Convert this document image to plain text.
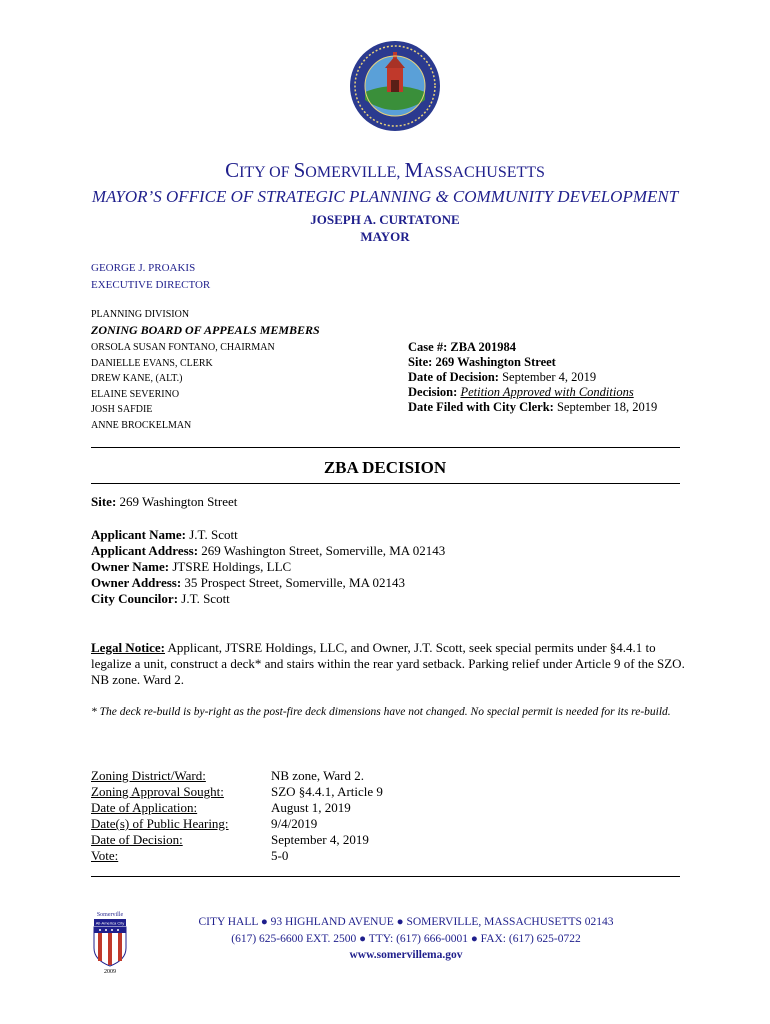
CITY OF SOMERVILLE, MASSACHUSETTS
MAYOR’S OFFICE OF STRATEGIC PLANNING & COMMUNITY DEVELOPMENT
JOSEPH A. CURTATONE
MAYOR
GEORGE J. PROAKIS
EXECUTIVE DIRECTOR
PLANNING DIVISION
ZONING BOARD OF APPEALS MEMBERS
ORSOLA SUSAN FONTANO, CHAIRMAN
DANIELLE EVANS, CLERK
DREW KANE, (ALT.)
ELAINE SEVERINO
JOSH SAFDIE
ANNE BROCKELMAN
Case #: ZBA 201984
Site: 269 Washington Street
Date of Decision: September 4, 2019
Decision: Petition Approved with Conditions
Date Filed with City Clerk: September 18, 2019
ZBA DECISION
Site: 269 Washington Street
Applicant Name: J.T. Scott
Applicant Address: 269 Washington Street, Somerville, MA 02143
Owner Name: JTSRE Holdings, LLC
Owner Address: 35 Prospect Street, Somerville, MA 02143
City Councilor: J.T. Scott
Legal Notice: Applicant, JTSRE Holdings, LLC, and Owner, J.T. Scott, seek special permits under §4.4.1 to legalize a unit, construct a deck* and stairs within the rear yard setback. Parking relief under Article 9 of the SZO. NB zone. Ward 2.
* The deck re-build is by-right as the post-fire deck dimensions have not changed. No special permit is needed for its re-build.
Zoning District/Ward:	NB zone, Ward 2.
Zoning Approval Sought:	SZO §4.4.1, Article 9
Date of Application:	August 1, 2019
Date(s) of Public Hearing:	9/4/2019
Date of Decision:	September 4, 2019
Vote:	5-0
Somerville
All-America City
2009
CITY HALL ● 93 HIGHLAND AVENUE ● SOMERVILLE, MASSACHUSETTS 02143
(617) 625-6600 EXT. 2500 ● TTY: (617) 666-0001 ● FAX: (617) 625-0722
www.somervillema.gov
